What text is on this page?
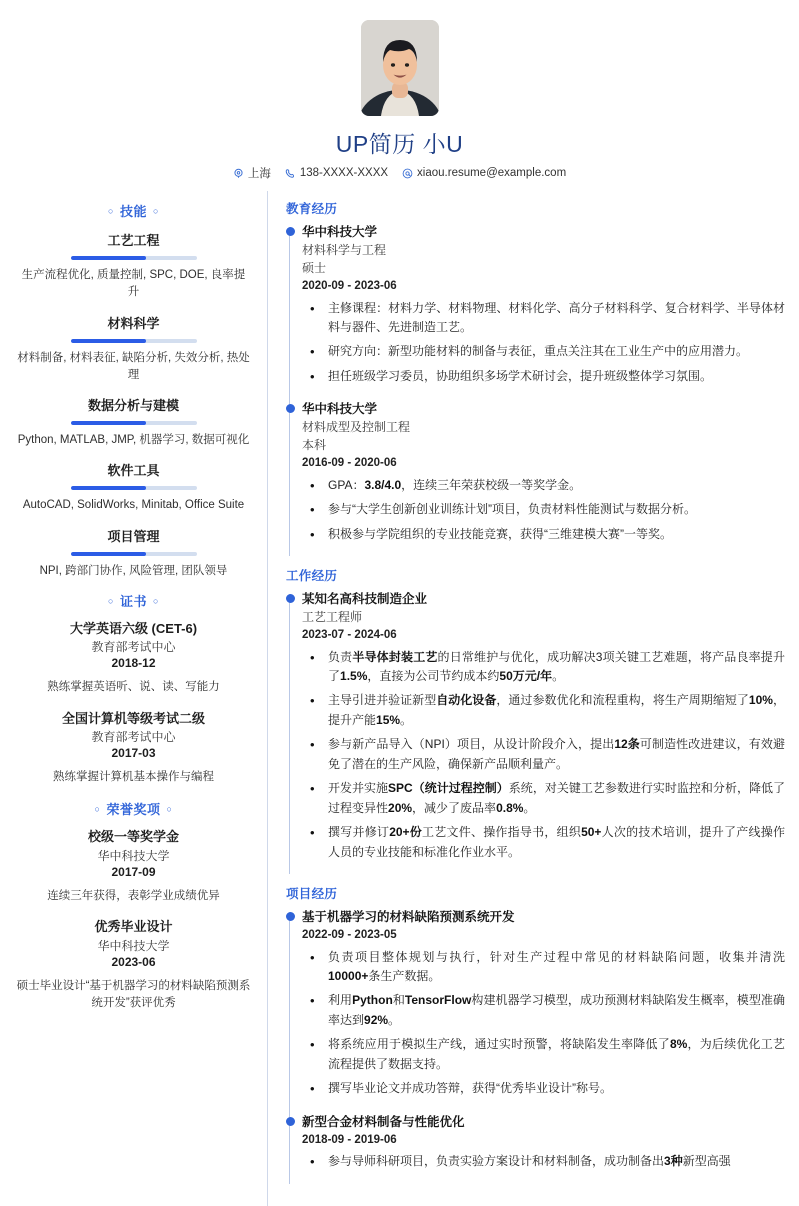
UP简历 小U
上海	138-XXXX-XXXX	xiaou.resume@example.com
○ 技能 ○
工艺工程
生产流程优化, 质量控制, SPC, DOE, 良率提升
材料科学
材料制备, 材料表征, 缺陷分析, 失效分析, 热处理
数据分析与建模
Python, MATLAB, JMP, 机器学习, 数据可视化
软件工具
AutoCAD, SolidWorks, Minitab, Office Suite
项目管理
NPI, 跨部门协作, 风险管理, 团队领导
○ 证书 ○
大学英语六级 (CET-6)
教育部考试中心
2018-12
熟练掌握英语听、说、读、写能力
全国计算机等级考试二级
教育部考试中心
2017-03
熟练掌握计算机基本操作与编程
○ 荣誉奖项 ○
校级一等奖学金
华中科技大学
2017-09
连续三年获得，表彰学业成绩优异
优秀毕业设计
华中科技大学
2023-06
硕士毕业设计“基于机器学习的材料缺陷预测系统开发”获评优秀
教育经历
华中科技大学
材料科学与工程
硕士
2020-09 - 2023-06
• 主修课程：材料力学、材料物理、材料化学、高分子材料科学、复合材料学、半导体材料与器件、先进制造工艺。
• 研究方向：新型功能材料的制备与表征，重点关注其在工业生产中的应用潜力。
• 担任班级学习委员，协助组织多场学术研讨会，提升班级整体学习氛围。
华中科技大学
材料成型及控制工程
本科
2016-09 - 2020-06
• GPA：3.8/4.0，连续三年荣获校级一等奖学金。
• 参与“大学生创新创业训练计划”项目，负责材料性能测试与数据分析。
• 积极参与学院组织的专业技能竞赛，获得“三维建模大赛”一等奖。
工作经历
某知名高科技制造企业
工艺工程师
2023-07 - 2024-06
• 负责半导体封装工艺的日常维护与优化，成功解决3项关键工艺难题，将产品良率提升了1.5%，直接为公司节约成本约50万元/年。
• 主导引进并验证新型自动化设备，通过参数优化和流程重构，将生产周期缩短了10%，提升产能15%。
• 参与新产品导入（NPI）项目，从设计阶段介入，提出12条可制造性改进建议，有效避免了潜在的生产风险，确保新产品顺利量产。
• 开发并实施SPC（统计过程控制）系统，对关键工艺参数进行实时监控和分析，降低了过程变异性20%，减少了废品率0.8%。
• 撰写并修订20+份工艺文件、操作指导书，组织50+人次的技术培训，提升了产线操作人员的专业技能和标准化作业水平。
项目经历
基于机器学习的材料缺陷预测系统开发
2022-09 - 2023-05
• 负责项目整体规划与执行，针对生产过程中常见的材料缺陷问题，收集并清洗10000+条生产数据。
• 利用Python和TensorFlow构建机器学习模型，成功预测材料缺陷发生概率，模型准确率达到92%。
• 将系统应用于模拟生产线，通过实时预警，将缺陷发生率降低了8%，为后续优化工艺流程提供了数据支持。
• 撰写毕业论文并成功答辩，获得“优秀毕业设计”称号。
新型合金材料制备与性能优化
2018-09 - 2019-06
• 参与导师科研项目，负责实验方案设计和材料制备，成功制备出3种新型高强
